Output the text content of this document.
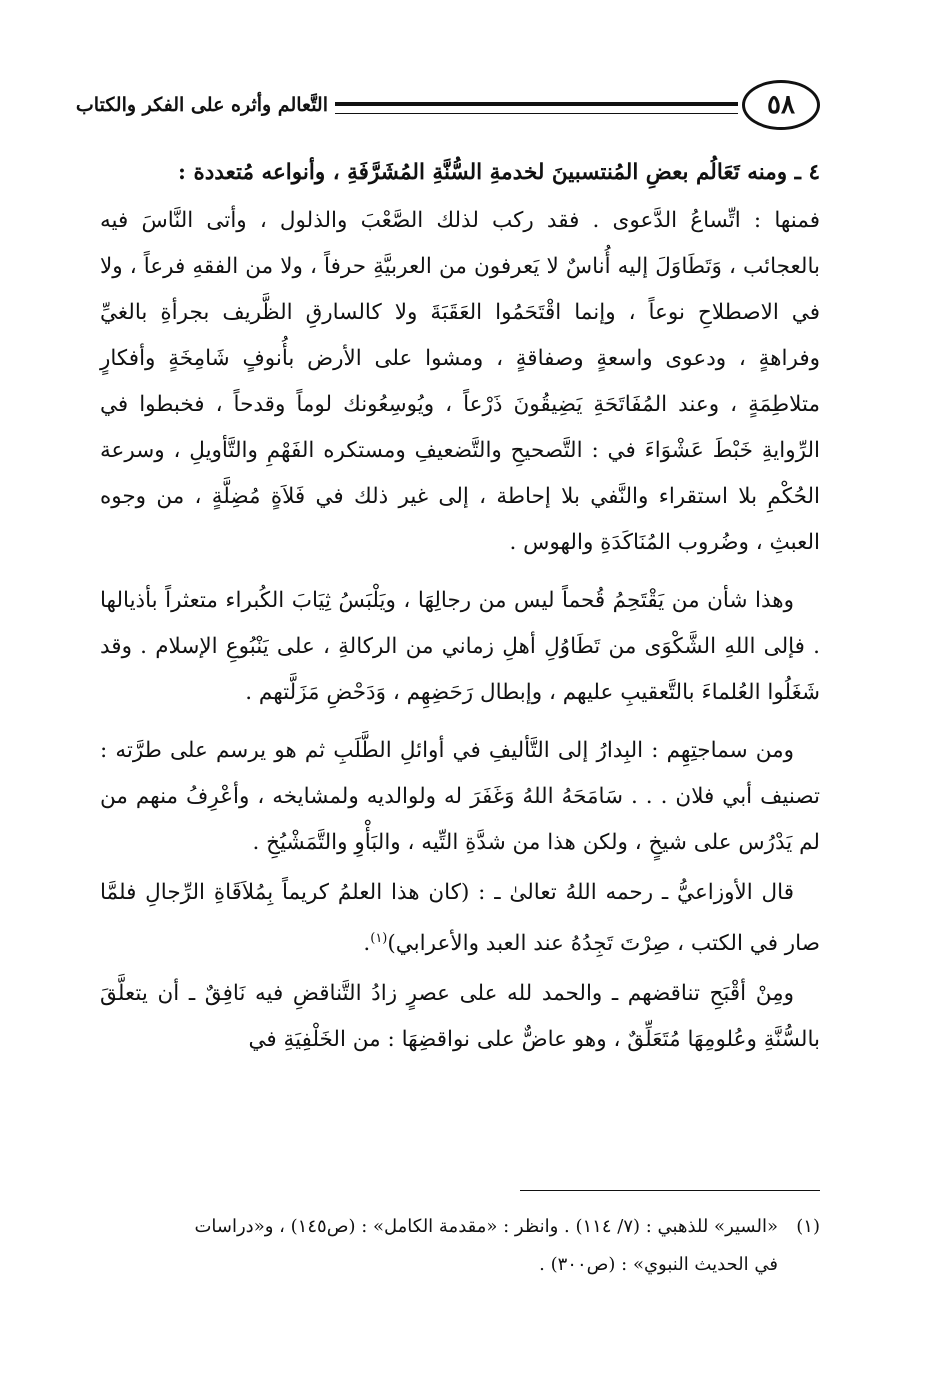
٥٨
التَّعالم وأثره على الفكر والكتاب

٤ ـ ومنه تَعَالُم بعضِ المُنتسبينَ لخدمةِ السُّنَّةِ المُشَرَّفَةِ ، وأنواعه مُتعددة :

فمنها : اتِّساعُ الدَّعوى . فقد ركب لذلك الصَّعْبَ والذلول ، وأتى النَّاسَ فيه بالعجائب ، وَتَطَاوَلَ إليه أُناسٌ لا يَعرفون من العربيَّةِ حرفاً ، ولا من الفقهِ فرعاً ، ولا في الاصطلاحِ نوعاً ، وإنما اقْتَحَمُوا العَقَبَةَ ولا كالسارقِ الظَّريف بجرأةِ بالغيِّ وفراهةٍ ، ودعوى واسعةٍ وصفاقةٍ ، ومشوا على الأرض بأُنوفٍ شَامِخَةٍ وأفكارٍ متلاطِمَةٍ ، وعند المُفَاتَحَةِ يَضِيقُونَ ذَرْعاً ، ويُوسِعُونك لوماً وقدحاً ، فخبطوا في الرِّوايةِ خَبْطَ عَشْوَاءَ في : التَّصحيحِ والتَّضعيفِ ومستكره الفَهْمِ والتَّأويلِ ، وسرعة الحُكْمِ بلا استقراء والنَّفي بلا إحاطة ، إلى غير ذلك في فَلاَةٍ مُضِلَّةٍ ، من وجوه العبثِ ، وضُروب المُنَاكَدَةِ والهوس .

وهذا شأن من يَقْتَحِمُ قُحماً ليس من رجالِهَا ، ويَلْبَسُ ثِيَابَ الكُبراء متعثراً بأذيالها . فإلى اللهِ الشَّكْوَى من تَطَاوُلِ أهلِ زماني من الركالةِ ، على يَنْبُوعِ الإسلام . وقد شَغَلُوا العُلماءَ بالتَّعقيبِ عليهم ، وإبطال رَحَضِهِم ، وَدَحْضِ مَزَلَّتهم .

ومن سماجتِهِم : البِدارُ إلى التَّأليفِ في أوائلِ الطَّلَبِ ثم هو يرسم على طرَّته : تصنيف أبي فلان . . . سَامَحَهُ اللهُ وَغَفَرَ له ولوالديه ولمشايخه ، وأعْرِفُ منهم من لم يَدْرُس على شيخٍ ، ولكن هذا من شدَّةِ التِّيه ، والبَأْوِ والتَّمَشْيُخِ .

قال الأوزاعيُّ ـ رحمه اللهُ تعالىٰ ـ : (كان هذا العلمُ كريماً بِمُلاَقَاةِ الرِّجالِ فلمَّا صار في الكتب ، صِرْتَ تَجِدُهُ عند العبد والأعرابي)$^{(١)}$.

ومِنْ أقْبَحِ تناقضهم ـ والحمد لله على عصرٍ زادُ التَّناقضِ فيه نَافِقٌ ـ أن يتعلَّقَ بالسُّنَّةِ وعُلومِهَا مُتَعَلِّقٌ ، وهو عاضٌّ على نواقضِهَا : من الخَلْفِيَةِ في

(١)«السير» للذهبي : (٧/ ١١٤) . وانظر : «مقدمة الكامل» : (ص١٤٥) ، و«دراسات
في الحديث النبوي» : (ص٣٠٠) .
